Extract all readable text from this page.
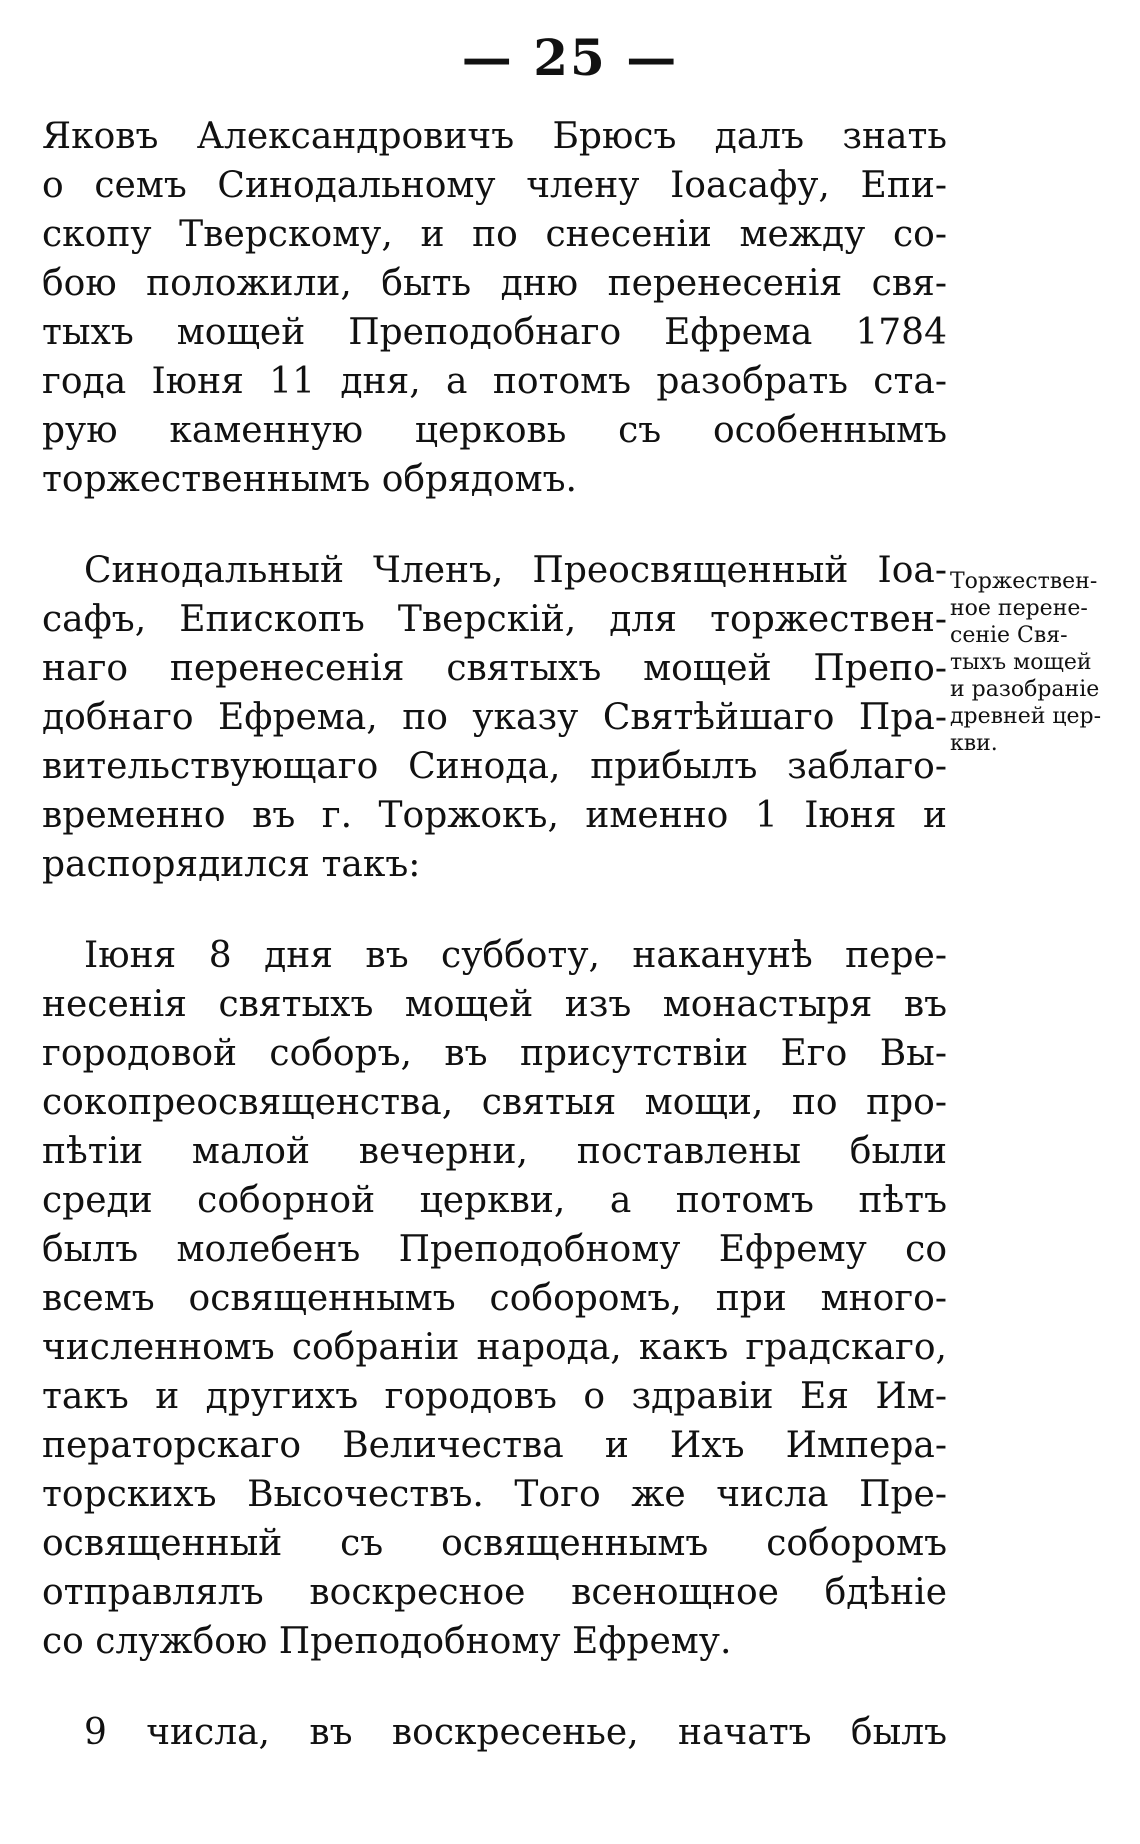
— 25 —
Яковъ Александровичъ Брюсъ далъ знать
о семъ Синодальному члену Іоасафу, Епи-
скопу Тверскому, и по снесеніи между со-
бою положили, быть дню перенесенія свя-
тыхъ мощей Преподобнаго Ефрема 1784
года Іюня 11 дня, а потомъ разобрать ста-
рую каменную церковь съ особеннымъ
торжественнымъ обрядомъ.
Синодальный Членъ, Преосвященный Іоа-
сафъ, Епископъ Тверскій, для торжествен-
наго перенесенія святыхъ мощей Препо-
добнаго Ефрема, по указу Святѣйшаго Пра-
вительствующаго Синода, прибылъ заблаго-
временно въ г. Торжокъ, именно 1 Іюня и
распорядился такъ:
Іюня 8 дня въ субботу, наканунѣ пере-
несенія святыхъ мощей изъ монастыря въ
городовой соборъ, въ присутствіи Его Вы-
сокопреосвященства, святыя мощи, по про-
пѣтіи малой вечерни, поставлены были
среди соборной церкви, а потомъ пѣтъ
былъ молебенъ Преподобному Ефрему со
всемъ освященнымъ соборомъ, при много-
численномъ собраніи народа, какъ градскаго,
такъ и другихъ городовъ о здравіи Ея Им-
ператорскаго Величества и Ихъ Импера-
торскихъ Высочествъ. Того же числа Пре-
освященный съ освященнымъ соборомъ
отправлялъ воскресное всенощное бдѣніе
со службою Преподобному Ефрему.
9 числа, въ воскресенье, начатъ былъ
Торжествен-
ное перене-
сеніе Свя-
тыхъ мощей
и разобраніе
древней цер-
кви.
